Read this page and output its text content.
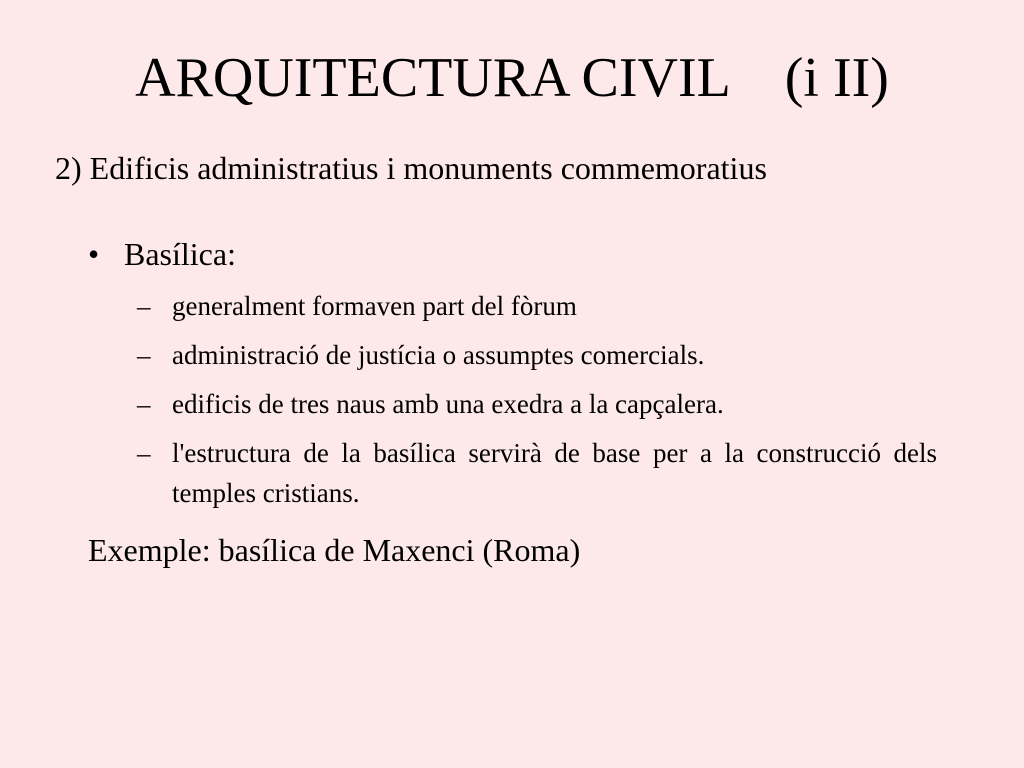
ARQUITECTURA CIVIL    (i II)
2) Edificis administratius i monuments commemoratius
• Basílica:
– generalment formaven part del fòrum
– administració de justícia o assumptes comercials.
– edificis de tres naus amb una exedra a la capçalera.
– l'estructura de la basílica servirà de base per a la construcció dels temples cristians.
Exemple: basílica de Maxenci (Roma)
